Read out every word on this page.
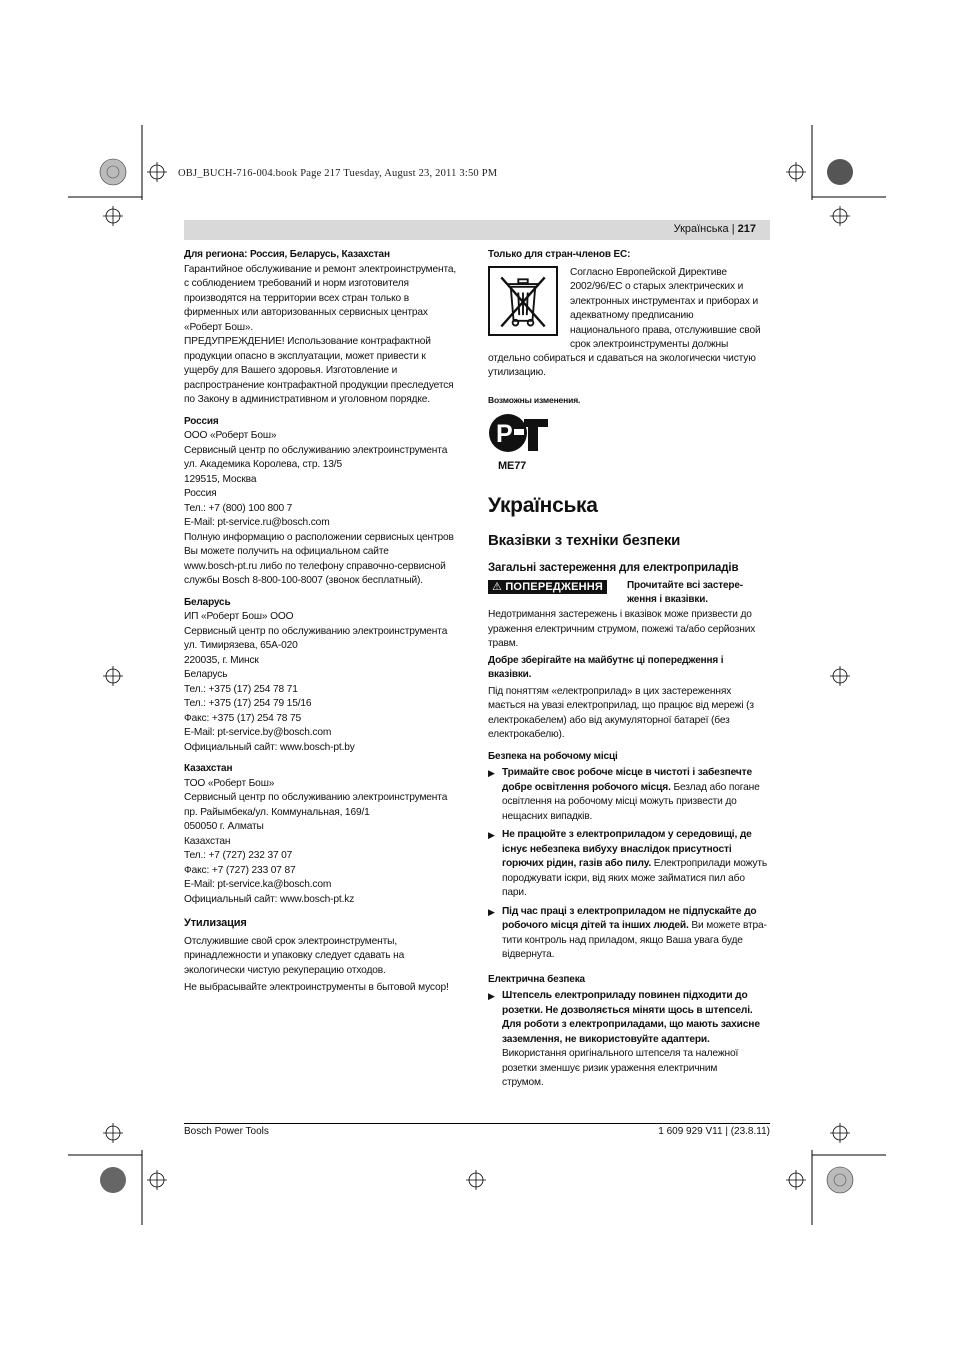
OBJ_BUCH-716-004.book Page 217 Tuesday, August 23, 2011 3:50 PM
Українська | 217

Для региона: Россия, Беларусь, Казахстан

Гарантийное обслуживание и ремонт электроинструмента,
с соблюдением требований и норм изготовителя
производятся на территории всех стран только в
фирменных или авторизованных сервисных центрах
«Роберт Бош».
ПРЕДУПРЕЖДЕНИЕ! Использование контрафактной
продукции опасно в эксплуатации, может привести к
ущербу для Вашего здоровья. Изготовление и
распространение контрафактной продукции преследуется
по Закону в административном и уголовном порядке.

Россия

ООО «Роберт Бош»
Сервисный центр по обслуживанию электроинструмента
ул. Академика Королева, стр. 13/5
129515, Москва
Россия
Тел.: +7 (800) 100 800 7
E-Mail: pt-service.ru@bosch.com
Полную информацию о расположении сервисных центров
Вы можете получить на официальном сайте
www.bosch-pt.ru либо по телефону справочно-сервисной
службы Bosch 8-800-100-8007 (звонок бесплатный).

Беларусь

ИП «Роберт Бош» ООО
Сервисный центр по обслуживанию электроинструмента
ул. Тимирязева, 65А-020
220035, г. Минск
Беларусь
Тел.: +375 (17) 254 78 71
Тел.: +375 (17) 254 79 15/16
Факс: +375 (17) 254 78 75
E-Mail: pt-service.by@bosch.com
Официальный сайт: www.bosch-pt.by

Казахстан

ТОО «Роберт Бош»
Сервисный центр по обслуживанию электроинструмента
пр. Райымбека/ул. Коммунальная, 169/1
050050 г. Алматы
Казахстан
Тел.: +7 (727) 232 37 07
Факс: +7 (727) 233 07 87
E-Mail: pt-service.ka@bosch.com
Официальный сайт: www.bosch-pt.kz

Утилизация

Отслужившие свой срок электроинструменты,
принадлежности и упаковку следует сдавать на
экологически чистую рекуперацию отходов.

Не выбрасывайте электроинструменты в бытовой мусор!

Только для стран-членов ЕС:

Согласно Европейской Директиве
2002/96/ЕС о старых электрических и
электронных инструментах и приборах и
адекватному предписанию
национального права, отслужившие свой
срок электроинструменты должны
отдельно собираться и сдаваться на экологически чистую
утилизацию.

Возможны изменения.

Р
МЕ77

Українська

Вказівки з техніки безпеки

Загальні застереження для електроприладів

⚠ ПОПЕРЕДЖЕННЯ	Прочитайте всі застере-
ження і вказівки.
Недотримання застережень і вказівок може призвести до
ураження електричним струмом, пожежі та/або серйозних
травм.
Добре зберігайте на майбутнє ці попередження і
вказівки.
Під поняттям «електроприлад» в цих застереженнях
мається на увазі електроприлад, що працює від мережі (з
електрокабелем) або від акумуляторної батареї (без
електрокабелю).

Безпека на робочому місці

▶ Тримайте своє робоче місце в чистоті і забезпечте
добре освітлення робочого місця. Безлад або погане
освітлення на робочому місці можуть призвести до
нещасних випадків.
▶ Не працюйте з електроприладом у середовищі, де
існує небезпека вибуху внаслідок присутності
горючих рідин, газів або пилу. Електроприлади можуть
породжувати іскри, від яких може займатися пил або
пари.
▶ Під час праці з електроприладом не підпускайте до
робочого місця дітей та інших людей. Ви можете втра-
тити контроль над приладом, якщо Ваша увага буде
відвернута.

Електрична безпека

▶ Штепсель електроприладу повинен підходити до
розетки. Не дозволяється міняти щось в штепселі.
Для роботи з електроприладами, що мають захисне
заземлення, не використовуйте адаптери.
Використання оригінального штепселя та належної
розетки зменшує ризик ураження електричним
струмом.
Bosch Power Tools	1 609 929 V11 | (23.8.11)
